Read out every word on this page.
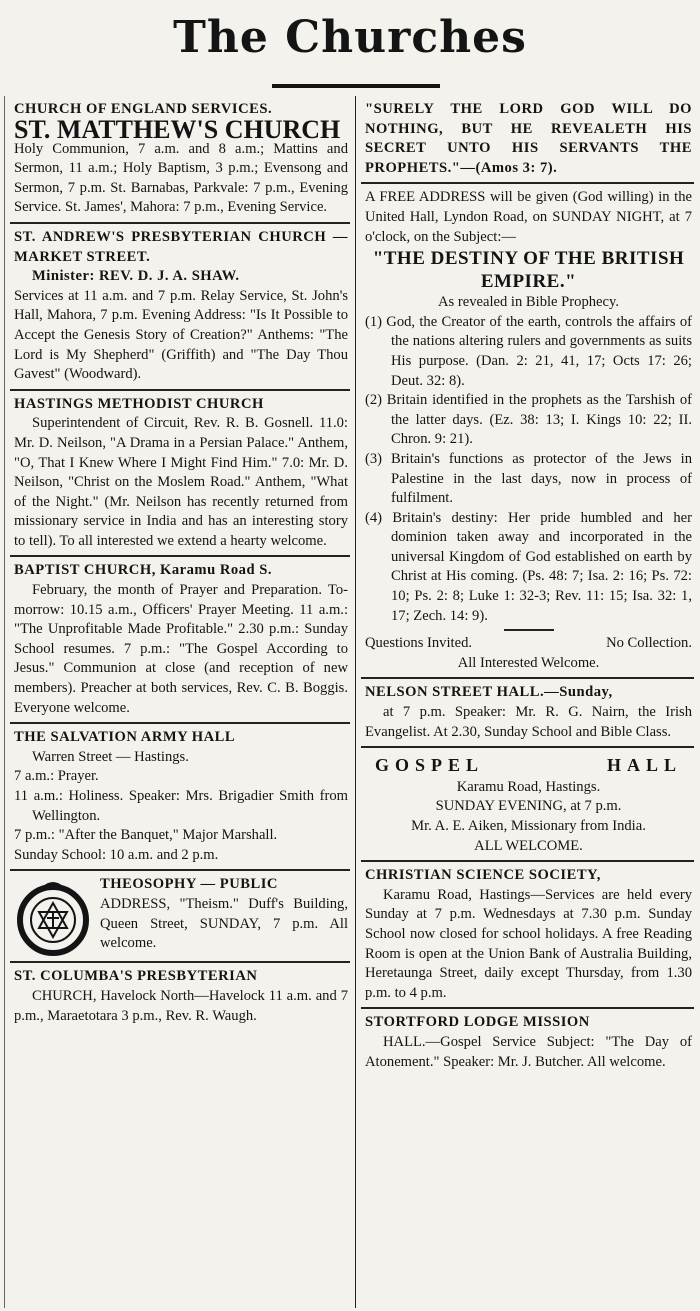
The Churches

CHURCH OF ENGLAND SERVICES.

ST. MATTHEW'S CHURCH

Holy Communion, 7 a.m. and 8 a.m.; Mattins and Sermon, 11 a.m.; Holy Baptism, 3 p.m.; Evensong and Sermon, 7 p.m. St. Barnabas, Parkvale: 7 p.m., Evening Service. St. James', Mahora: 7 p.m., Evening Service.

ST. ANDREW'S PRESBYTERIAN CHURCH — MARKET STREET.

Minister: REV. D. J. A. SHAW.

Services at 11 a.m. and 7 p.m. Relay Service, St. John's Hall, Mahora, 7 p.m. Evening Address: "Is It Possible to Accept the Genesis Story of Creation?" Anthems: "The Lord is My Shepherd" (Griffith) and "The Day Thou Gavest" (Woodward).

HASTINGS METHODIST CHURCH

Superintendent of Circuit, Rev. R. B. Gosnell. 11.0: Mr. D. Neilson, "A Drama in a Persian Palace." Anthem, "O, That I Knew Where I Might Find Him." 7.0: Mr. D. Neilson, "Christ on the Moslem Road." Anthem, "What of the Night." (Mr. Neilson has recently returned from missionary service in India and has an interesting story to tell). To all interested we extend a hearty welcome.

BAPTIST CHURCH, Karamu Road S.

February, the month of Prayer and Preparation. To-morrow: 10.15 a.m., Officers' Prayer Meeting. 11 a.m.: "The Unprofitable Made Profitable." 2.30 p.m.: Sunday School resumes. 7 p.m.: "The Gospel According to Jesus." Communion at close (and reception of new members). Preacher at both services, Rev. C. B. Boggis. Everyone welcome.

THE SALVATION ARMY HALL

Warren Street — Hastings.

7 a.m.: Prayer.

11 a.m.: Holiness. Speaker: Mrs. Brigadier Smith from Wellington.

7 p.m.: "After the Banquet," Major Marshall.

Sunday School: 10 a.m. and 2 p.m.

THEOSOPHY — PUBLIC

ADDRESS, "Theism." Duff's Building, Queen Street, SUNDAY, 7 p.m. All welcome.

ST. COLUMBA'S PRESBYTERIAN

CHURCH, Havelock North—Havelock 11 a.m. and 7 p.m., Maraetotara 3 p.m., Rev. R. Waugh.

"SURELY THE LORD GOD WILL DO NOTHING, BUT HE REVEALETH HIS SECRET UNTO HIS SERVANTS THE PROPHETS."—(Amos 3: 7).

A FREE ADDRESS will be given (God willing) in the United Hall, Lyndon Road, on SUNDAY NIGHT, at 7 o'clock, on the Subject:—

"THE DESTINY OF THE BRITISH EMPIRE."

As revealed in Bible Prophecy.

(1) God, the Creator of the earth, controls the affairs of the nations altering rulers and governments as suits His purpose. (Dan. 2: 21, 41, 17; Octs 17: 26; Deut. 32: 8).

(2) Britain identified in the prophets as the Tarshish of the latter days. (Ez. 38: 13; I. Kings 10: 22; II. Chron. 9: 21).

(3) Britain's functions as protector of the Jews in Palestine in the last days, now in process of fulfilment.

(4) Britain's destiny: Her pride humbled and her dominion taken away and incorporated in the universal Kingdom of God established on earth by Christ at His coming. (Ps. 48: 7; Isa. 2: 16; Ps. 72: 10; Ps. 2: 8; Luke 1: 32-3; Rev. 11: 15; Isa. 32: 1, 17; Zech. 14: 9).

Questions Invited.	No Collection.

All Interested Welcome.

NELSON STREET HALL.—Sunday,

at 7 p.m. Speaker: Mr. R. G. Nairn, the Irish Evangelist. At 2.30, Sunday School and Bible Class.

GOSPEL	HALL

Karamu Road, Hastings.

SUNDAY EVENING, at 7 p.m.

Mr. A. E. Aiken, Missionary from India.

ALL WELCOME.

CHRISTIAN SCIENCE SOCIETY,

Karamu Road, Hastings—Services are held every Sunday at 7 p.m. Wednesdays at 7.30 p.m. Sunday School now closed for school holidays. A free Reading Room is open at the Union Bank of Australia Building, Heretaunga Street, daily except Thursday, from 1.30 p.m. to 4 p.m.

STORTFORD LODGE MISSION

HALL.—Gospel Service Subject: "The Day of Atonement." Speaker: Mr. J. Butcher. All welcome.
